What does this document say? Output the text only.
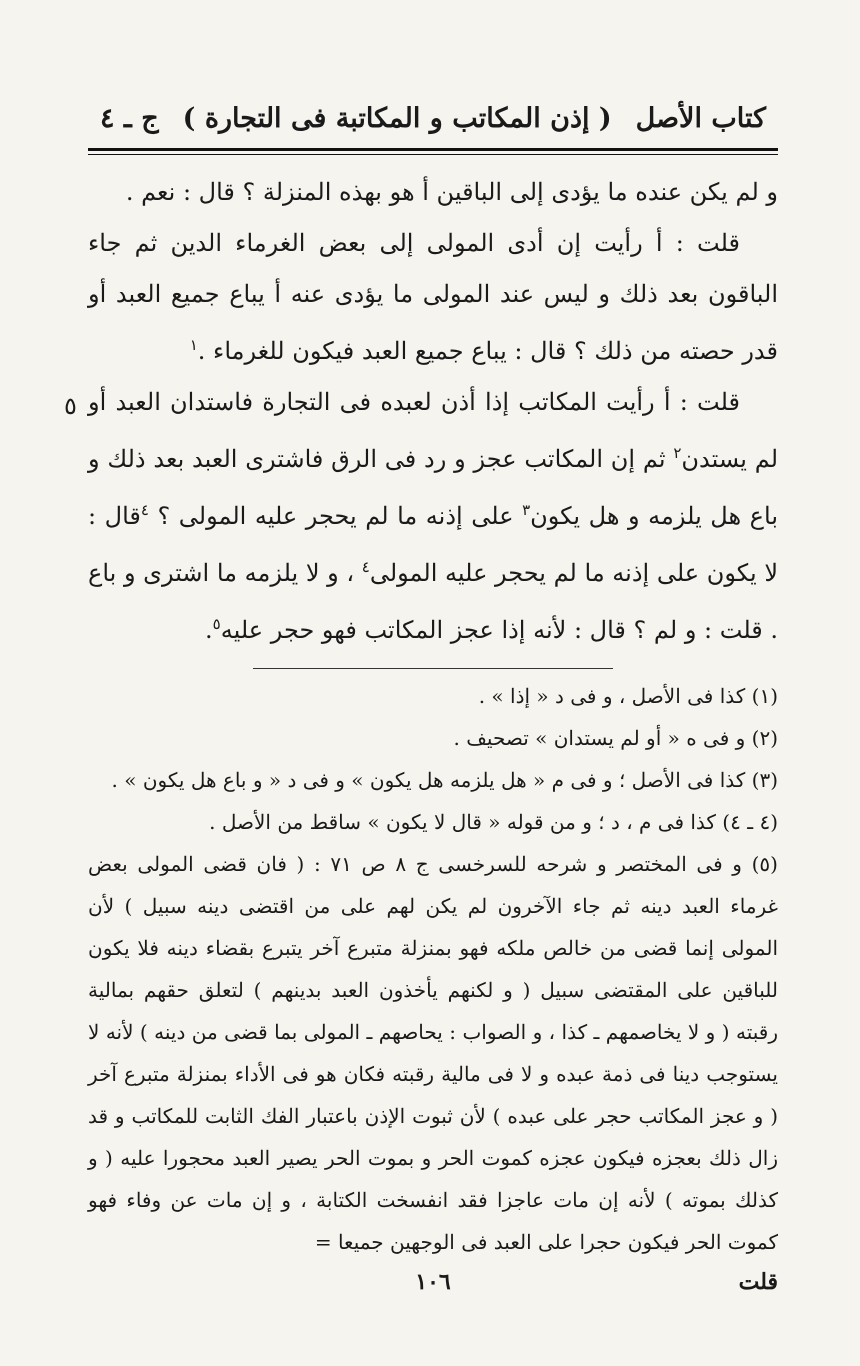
كتاب الأصل
( إذن المكاتب و المكاتبة فى التجارة )
ج ـ ٤
٥

و لم يكن عنده ما يؤدى إلى الباقين أ هو بهذه المنزلة ؟ قال : نعم .

قلت : أ رأيت إن أدى المولى إلى بعض الغرماء الدين ثم جاء الباقون بعد ذلك و ليس عند المولى ما يؤدى عنه أ يباع جميع العبد أو قدر حصته من ذلك ؟ قال : يباع جميع العبد فيكون للغرماء .$^١$

قلت : أ رأيت المكاتب إذا أذن لعبده فى التجارة فاستدان العبد أو لم يستدن$^٢$ ثم إن المكاتب عجز و رد فى الرق فاشترى العبد بعد ذلك و باع هل يلزمه و هل يكون$^٣$ على إذنه ما لم يحجر عليه المولى ؟ $^٤$قال : لا يكون على إذنه ما لم يحجر عليه المولى$^٤$ ، و لا يلزمه ما اشترى و باع . قلت : و لم ؟ قال : لأنه إذا عجز المكاتب فهو حجر عليه$^٥$.

(١) كذا فى الأصل ، و فى د « إذا » .

(٢) و فى ه « أو لم يستدان » تصحيف .

(٣) كذا فى الأصل ؛ و فى م « هل يلزمه هل يكون » و فى د « و باع هل يكون » .

(٤ ـ ٤) كذا فى م ، د ؛ و من قوله « قال لا يكون » ساقط من الأصل .

(٥) و فى المختصر و شرحه للسرخسى ج ٨ ص ٧١ : ( فان قضى المولى بعض غرماء العبد دينه ثم جاء الآخرون لم يكن لهم على من اقتضى دينه سبيل ) لأن المولى إنما قضى من خالص ملكه فهو بمنزلة متبرع آخر يتبرع بقضاء دينه فلا يكون للباقين على المقتضى سبيل ( و لكنهم يأخذون العبد بدينهم ) لتعلق حقهم بمالية رقبته ( و لا يخاصمهم ـ كذا ، و الصواب : يحاصهم ـ المولى بما قضى من دينه ) لأنه لا يستوجب دينا فى ذمة عبده و لا فى مالية رقبته فكان هو فى الأداء بمنزلة متبرع آخر ( و عجز المكاتب حجر على عبده ) لأن ثبوت الإذن باعتبار الفك الثابت للمكاتب و قد زال ذلك بعجزه فيكون عجزه كموت الحر و بموت الحر يصير العبد محجورا عليه ( و كذلك بموته ) لأنه إن مات عاجزا فقد انفسخت الكتابة ، و إن مات عن وفاء فهو كموت الحر فيكون حجرا على العبد فى الوجهين جميعا =

قلت
١٠٦
